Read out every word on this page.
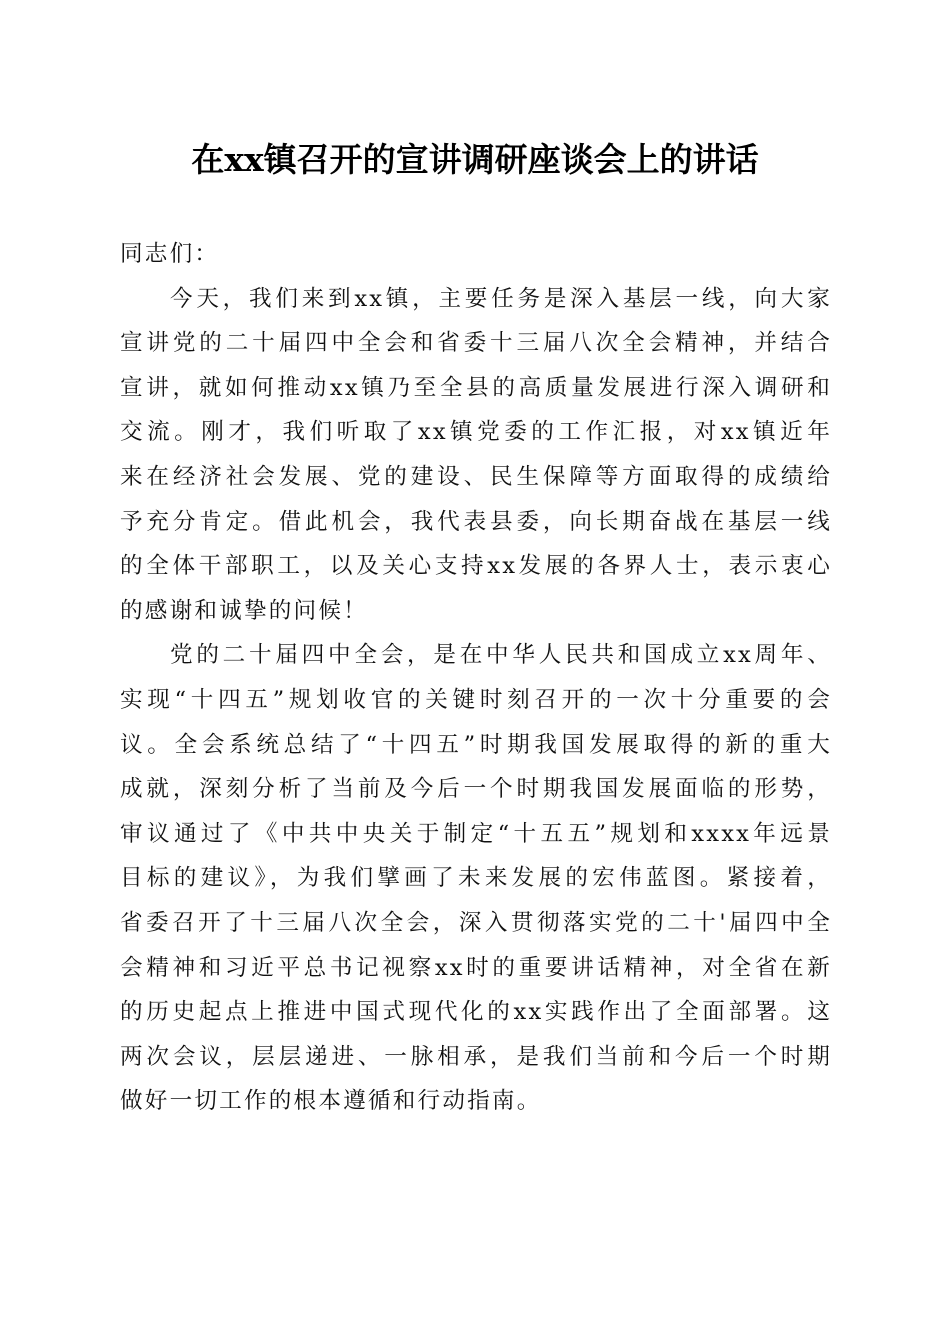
在xx镇召开的宣讲调研座谈会上的讲话
同志们：
今天，我们来到xx镇，主要任务是深入基层一线，向大家
宣讲党的二十届四中全会和省委十三届八次全会精神，并结合
宣讲，就如何推动xx镇乃至全县的高质量发展进行深入调研和
交流。刚才，我们听取了xx镇党委的工作汇报，对xx镇近年
来在经济社会发展、党的建设、民生保障等方面取得的成绩给
予充分肯定。借此机会，我代表县委，向长期奋战在基层一线
的全体干部职工，以及关心支持xx发展的各界人士，表示衷心
的感谢和诚挚的问候！
党的二十届四中全会，是在中华人民共和国成立xx周年、
实现“十四五”规划收官的关键时刻召开的一次十分重要的会
议。全会系统总结了“十四五”时期我国发展取得的新的重大
成就，深刻分析了当前及今后一个时期我国发展面临的形势，
审议通过了《中共中央关于制定“十五五”规划和xxxx年远景
目标的建议》，为我们擘画了未来发展的宏伟蓝图。紧接着，
省委召开了十三届八次全会，深入贯彻落实党的二十'届四中全
会精神和习近平总书记视察xx时的重要讲话精神，对全省在新
的历史起点上推进中国式现代化的xx实践作出了全面部署。这
两次会议，层层递进、一脉相承，是我们当前和今后一个时期
做好一切工作的根本遵循和行动指南。
